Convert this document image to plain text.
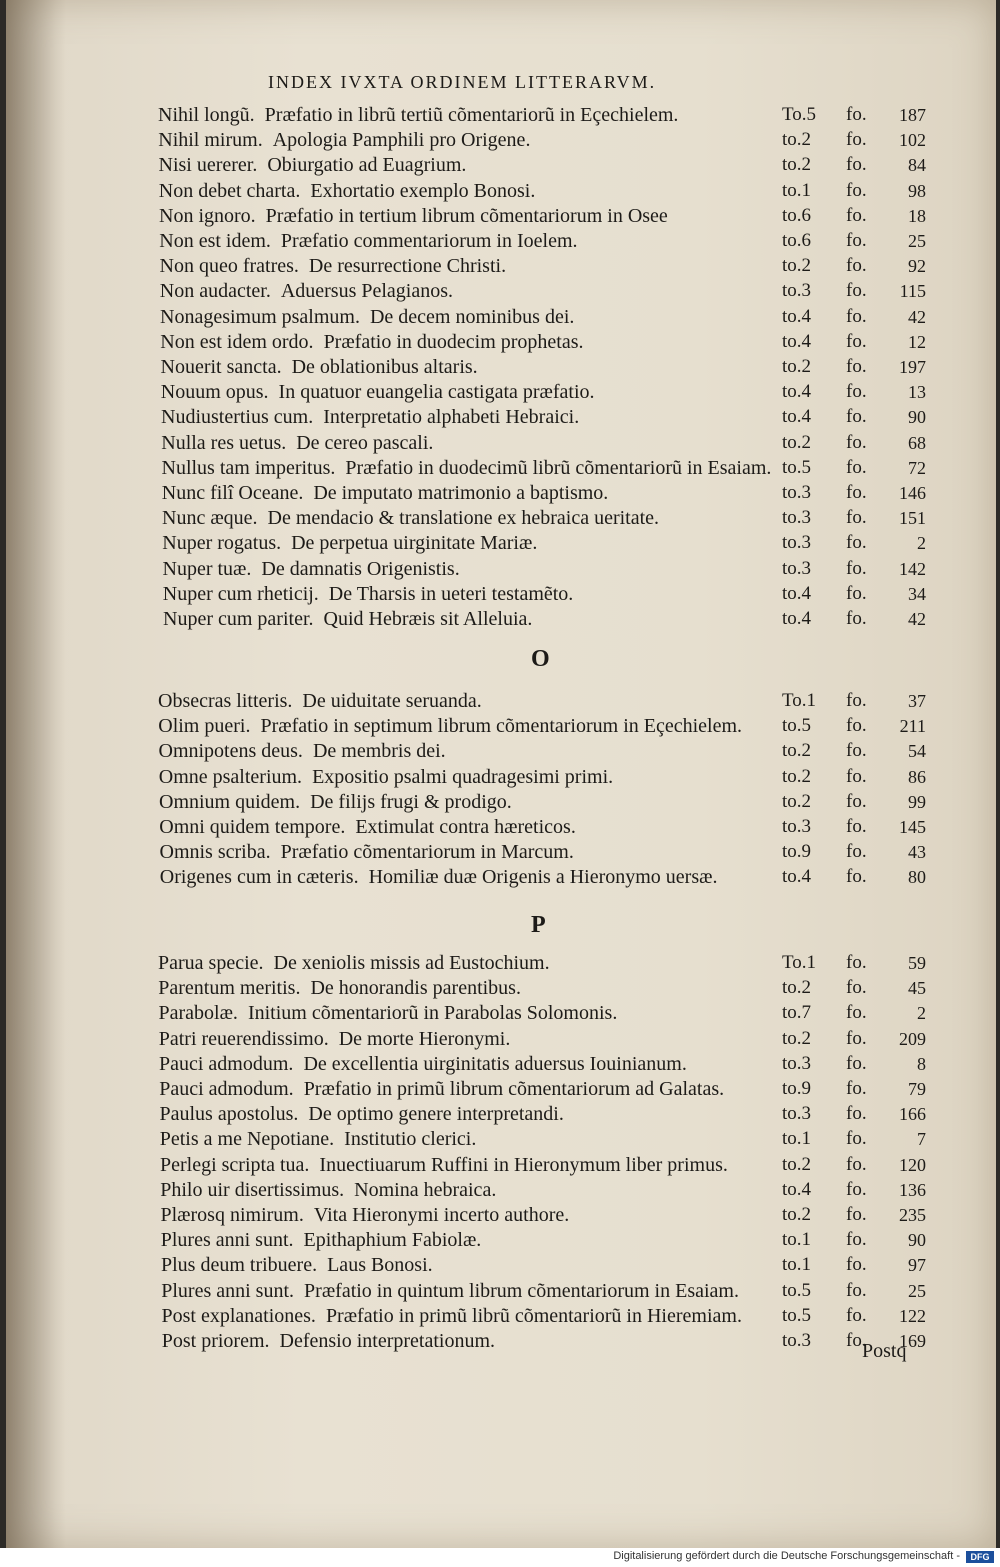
INDEX IVXTA ORDINEM LITTERARVM.
Nihil longũ. Præfatio in librũ tertiũ cõmentariorũ in Eçechielem.	To.5 fo.	187
Nihil mirum. Apologia Pamphili pro Origene.	to.2 fo.	102
Nisi uererer. Obiurgatio ad Euagrium.	to.2 fo.	84
Non debet charta. Exhortatio exemplo Bonosi.	to.1 fo.	98
Non ignoro. Præfatio in tertium librum cõmentariorum in Osee	to.6 fo.	18
Non est idem. Præfatio commentariorum in Ioelem.	to.6 fo.	25
Non queo fratres. De resurrectione Christi.	to.2 fo.	92
Non audacter. Aduersus Pelagianos.	to.3 fo.	115
Nonagesimum psalmum. De decem nominibus dei.	to.4 fo.	42
Non est idem ordo. Præfatio in duodecim prophetas.	to.4 fo.	12
Nouerit sancta. De oblationibus altaris.	to.2 fo.	197
Nouum opus. In quatuor euangelia castigata præfatio.	to.4 fo.	13
Nudiustertius cum. Interpretatio alphabeti Hebraici.	to.4 fo.	90
Nulla res uetus. De cereo pascali.	to.2 fo.	68
Nullus tam imperitus. Præfatio in duodecimũ librũ cõmentariorũ in Esaiam. to.5 fo.	72
Nunc filî Oceane. De imputato matrimonio a baptismo.	to.3 fo.	146
Nunc æque. De mendacio & translatione ex hebraica ueritate.	to.3 fo.	151
Nuper rogatus. De perpetua uirginitate Mariæ.	to.3 fo.	2
Nuper tuæ. De damnatis Origenistis.	to.3 fo.	142
Nuper cum rheticĳ. De Tharsis in ueteri testamẽto.	to.4 fo.	34
Nuper cum pariter. Quid Hebræis sit Alleluia.	to.4 fo.	42
O
Obsecras litteris. De uiduitate seruanda.	To.1 fo.	37
Olim pueri. Præfatio in septimum librum cõmentariorum in Eçechielem.	to.5 fo.	211
Omnipotens deus. De membris dei.	to.2 fo.	54
Omne psalterium. Expositio psalmi quadragesimi primi.	to.2 fo.	86
Omnium quidem. De filijs frugi & prodigo.	to.2 fo.	99
Omni quidem tempore. Extimulat contra hæreticos.	to.3 fo.	145
Omnis scriba. Præfatio cõmentariorum in Marcum.	to.9 fo.	43
Origenes cum in cæteris. Homiliæ duæ Origenis a Hieronymo uersæ.	to.4 fo.	80
P
Parua specie. De xeniolis missis ad Eustochium.	To.1 fo.	59
Parentum meritis. De honorandis parentibus.	to.2 fo.	45
Parabolæ. Initium cõmentariorũ in Parabolas Solomonis.	to.7 fo.	2
Patri reuerendissimo. De morte Hieronymi.	to.2 fo.	209
Pauci admodum. De excellentia uirginitatis aduersus Iouinianum.	to.3 fo.	8
Pauci admodum. Præfatio in primũ librum cõmentariorum ad Galatas.	to.9 fo.	79
Paulus apostolus. De optimo genere interpretandi.	to.3 fo.	166
Petis a me Nepotiane. Institutio clerici.	to.1 fo.	7
Perlegi scripta tua. Inuectiuarum Ruffini in Hieronymum liber primus.	to.2 fo.	120
Philo uir disertissimus. Nomina hebraica.	to.4 fo.	136
Plærosq nimirum. Vita Hieronymi incerto authore.	to.2 fo.	235
Plures anni sunt. Epithaphium Fabiolæ.	to.1 fo.	90
Plus deum tribuere. Laus Bonosi.	to.1 fo.	97
Plures anni sunt. Præfatio in quintum librum cõmentariorum in Esaiam.	to.5 fo.	25
Post explanationes. Præfatio in primũ librũ cõmentariorũ in Hieremiam.	to.5 fo.	122
Post priorem. Defensio interpretationum.	to.3 fo.	169
Postq
Digitalisierung gefördert durch die Deutsche Forschungsgemeinschaft -	DFG
